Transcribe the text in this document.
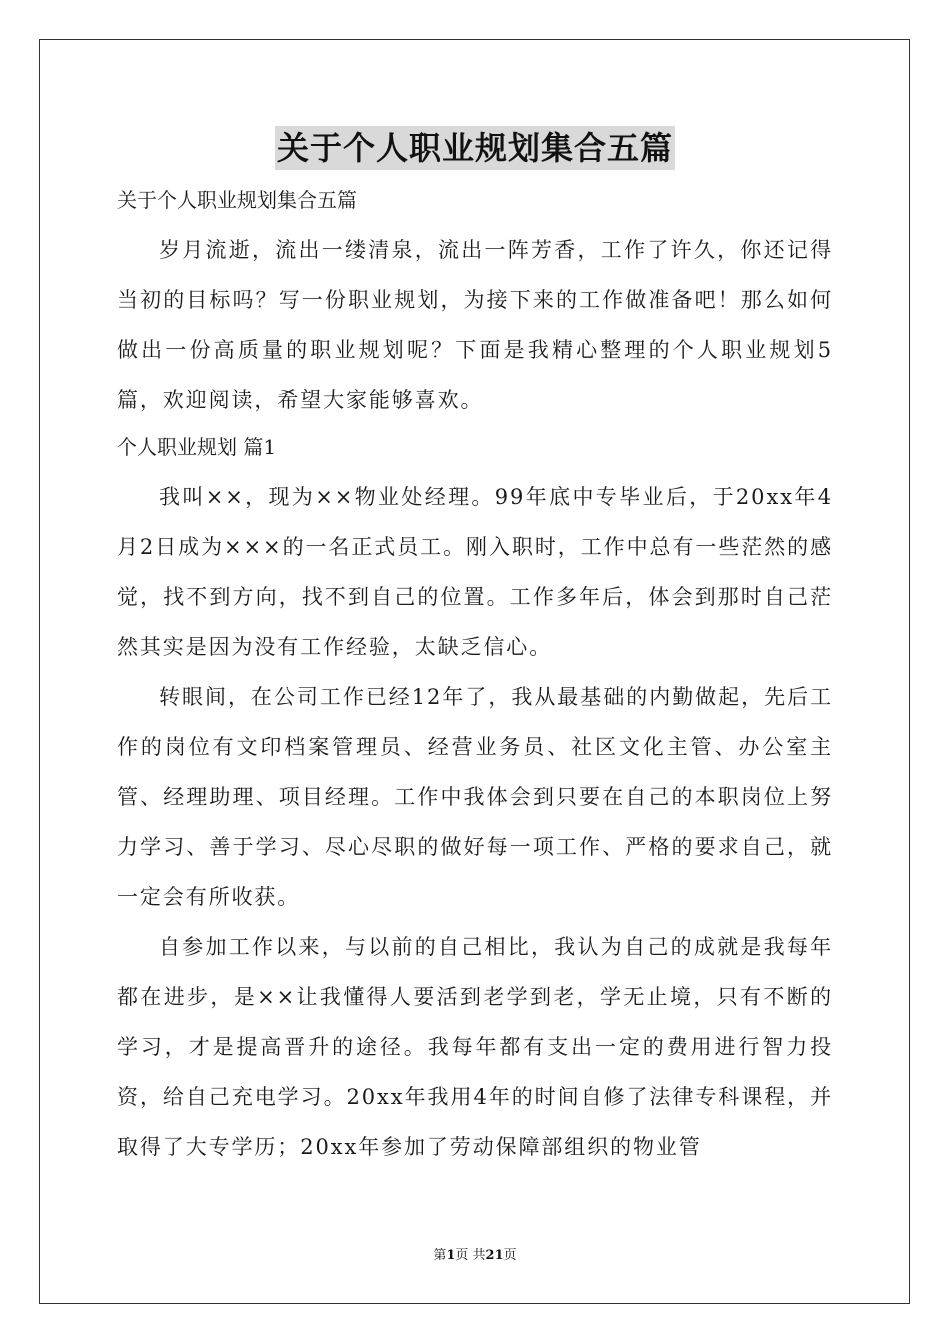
关于个人职业规划集合五篇

关于个人职业规划集合五篇

岁月流逝，流出一缕清泉，流出一阵芳香，工作了许久，你还记得当初的目标吗？写一份职业规划，为接下来的工作做准备吧！那么如何做出一份高质量的职业规划呢？下面是我精心整理的个人职业规划5篇，欢迎阅读，希望大家能够喜欢。

个人职业规划 篇1

我叫××，现为××物业处经理。99年底中专毕业后，于20xx年4月2日成为×××的一名正式员工。刚入职时，工作中总有一些茫然的感觉，找不到方向，找不到自己的位置。工作多年后，体会到那时自己茫然其实是因为没有工作经验，太缺乏信心。

转眼间，在公司工作已经12年了，我从最基础的内勤做起，先后工作的岗位有文印档案管理员、经营业务员、社区文化主管、办公室主管、经理助理、项目经理。工作中我体会到只要在自己的本职岗位上努力学习、善于学习、尽心尽职的做好每一项工作、严格的要求自己，就一定会有所收获。

自参加工作以来，与以前的自己相比，我认为自己的成就是我每年都在进步，是××让我懂得人要活到老学到老，学无止境，只有不断的学习，才是提高晋升的途径。我每年都有支出一定的费用进行智力投资，给自己充电学习。20xx年我用4年的时间自修了法律专科课程，并取得了大专学历；20xx年参加了劳动保障部组织的物业管

第1页 共21页
